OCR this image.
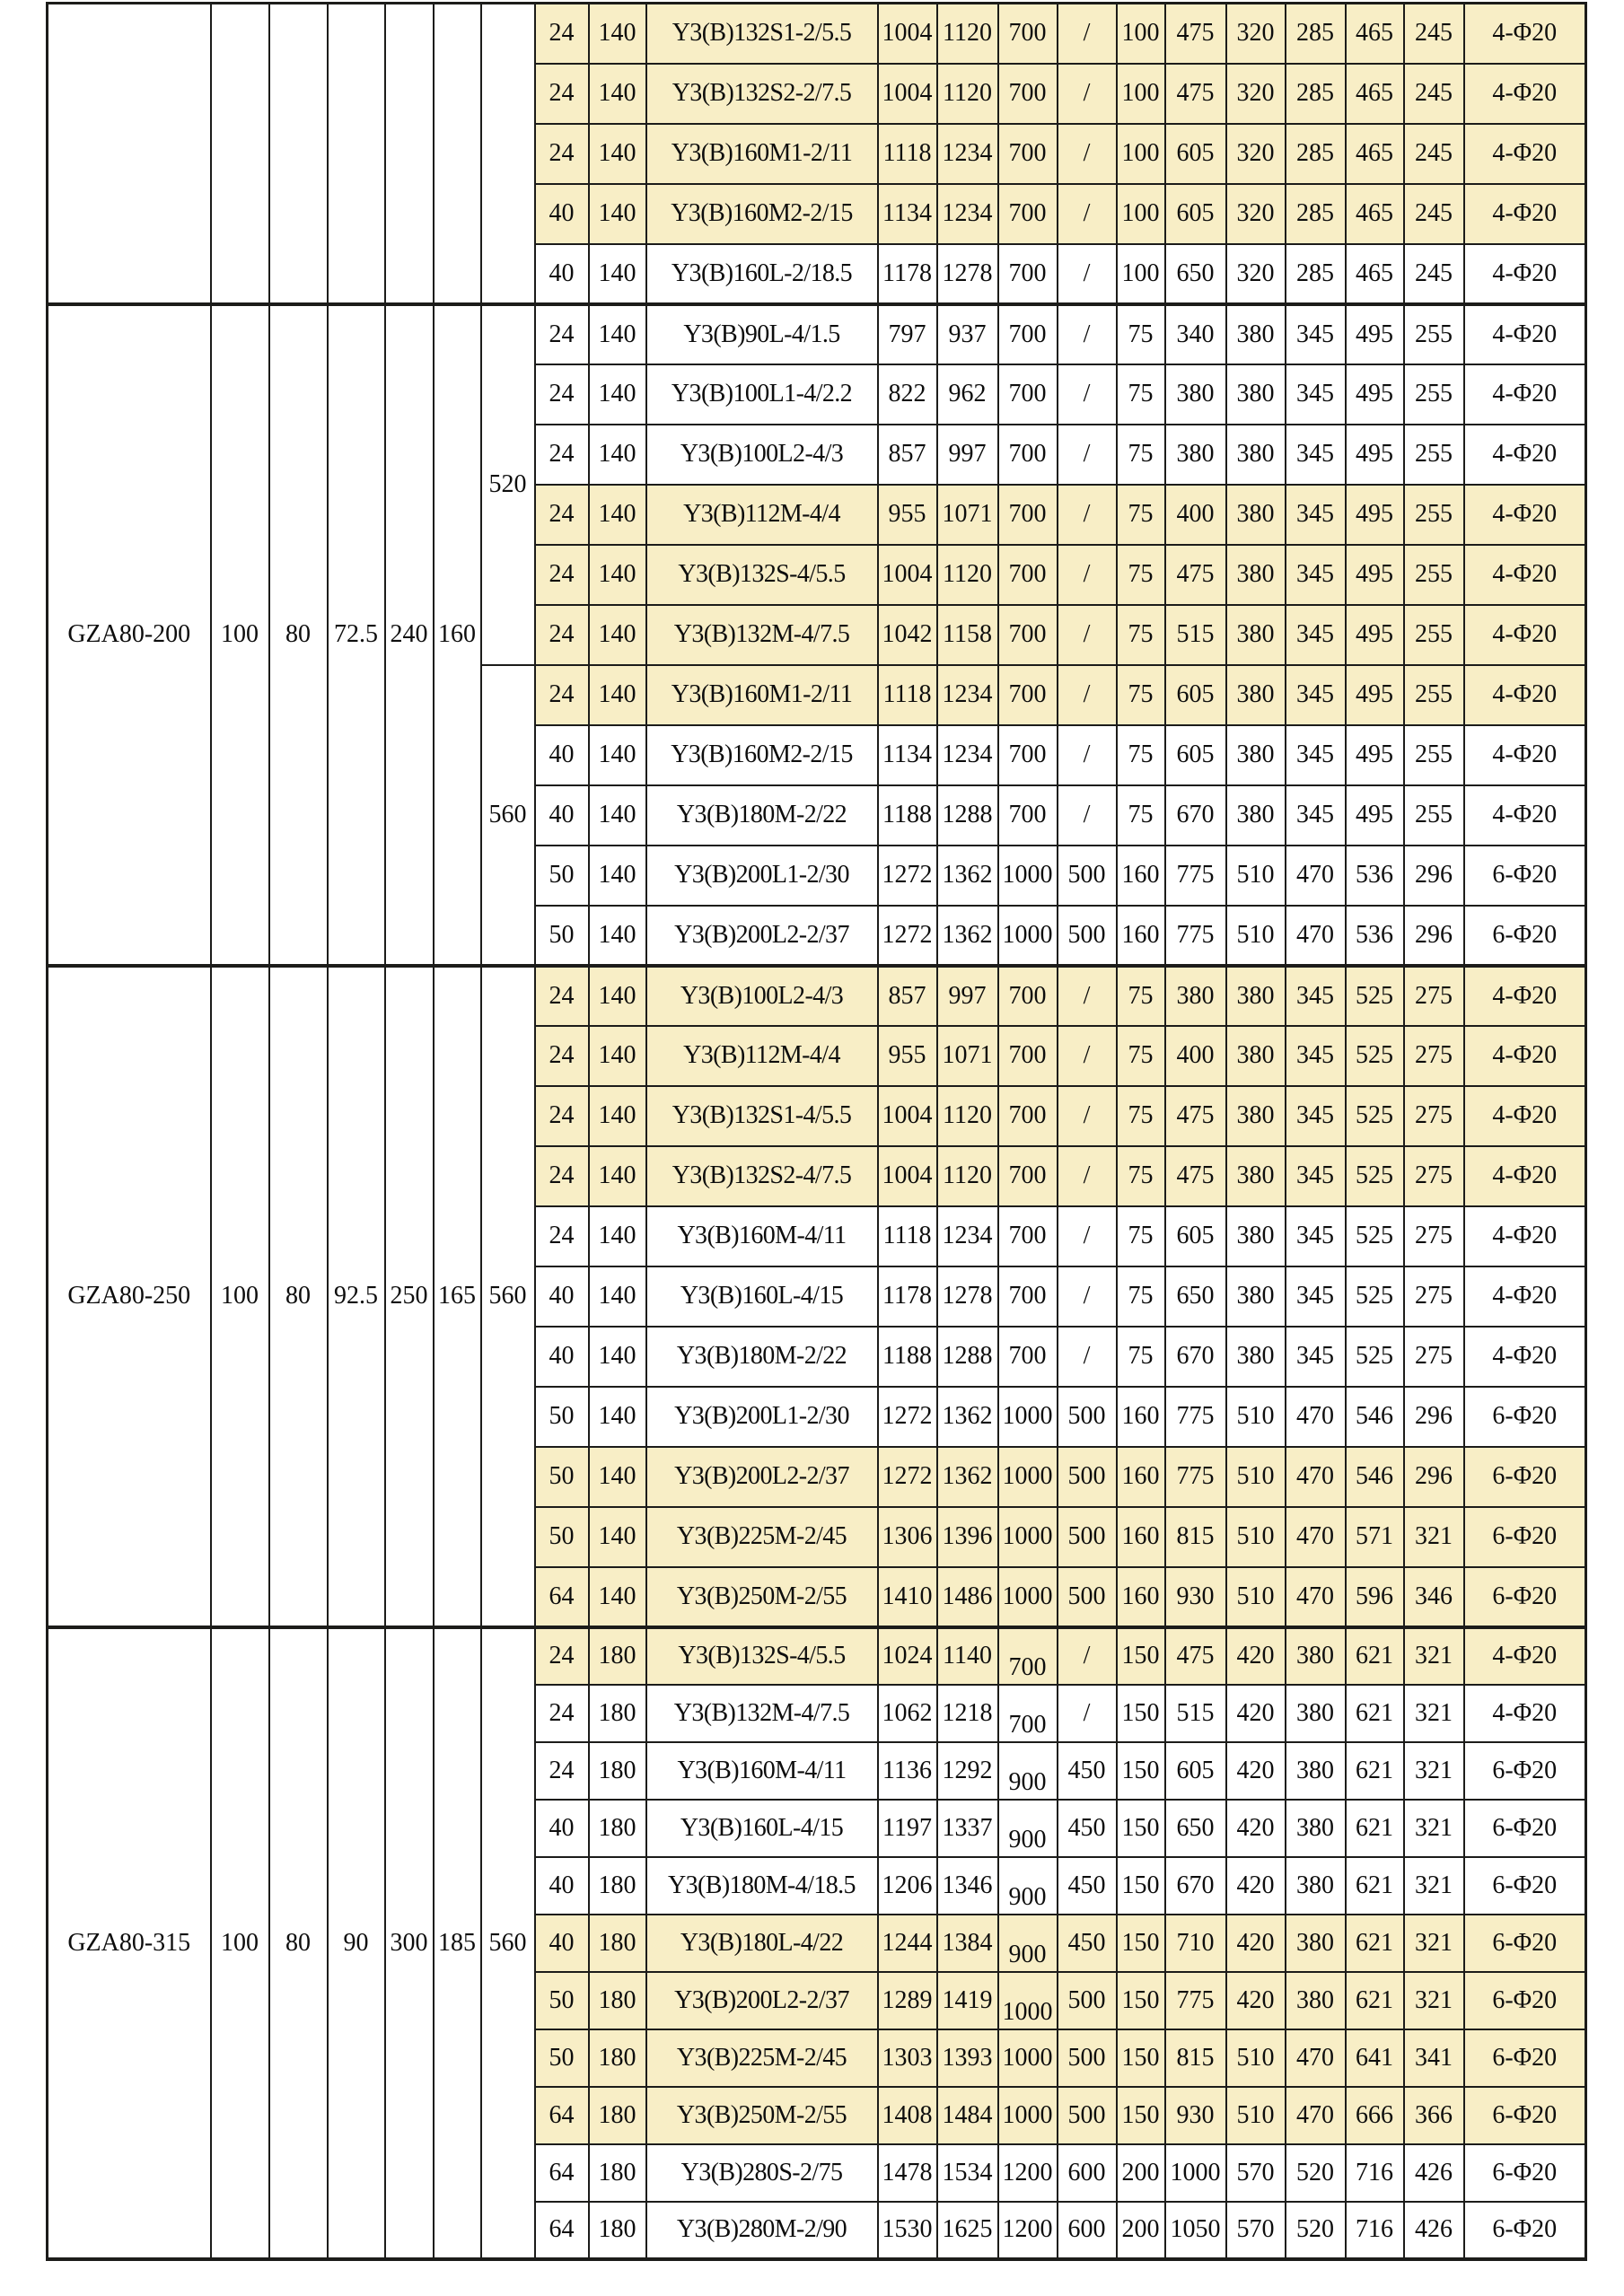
							24	140	Y3(B)132S1-2/5.5	1004	1120	700	/	100	475	320	285	465	245	4-Φ20
							24	140	Y3(B)132S2-2/7.5	1004	1120	700	/	100	475	320	285	465	245	4-Φ20
							24	140	Y3(B)160M1-2/11	1118	1234	700	/	100	605	320	285	465	245	4-Φ20
							40	140	Y3(B)160M2-2/15	1134	1234	700	/	100	605	320	285	465	245	4-Φ20
							40	140	Y3(B)160L-2/18.5	1178	1278	700	/	100	650	320	285	465	245	4-Φ20
GZA80-200	100	80	72.5	240	160	520	24	140	Y3(B)90L-4/1.5	797	937	700	/	75	340	380	345	495	255	4-Φ20
							24	140	Y3(B)100L1-4/2.2	822	962	700	/	75	380	380	345	495	255	4-Φ20
							24	140	Y3(B)100L2-4/3	857	997	700	/	75	380	380	345	495	255	4-Φ20
							24	140	Y3(B)112M-4/4	955	1071	700	/	75	400	380	345	495	255	4-Φ20
							24	140	Y3(B)132S-4/5.5	1004	1120	700	/	75	475	380	345	495	255	4-Φ20
							24	140	Y3(B)132M-4/7.5	1042	1158	700	/	75	515	380	345	495	255	4-Φ20
						560	24	140	Y3(B)160M1-2/11	1118	1234	700	/	75	605	380	345	495	255	4-Φ20
							40	140	Y3(B)160M2-2/15	1134	1234	700	/	75	605	380	345	495	255	4-Φ20
							40	140	Y3(B)180M-2/22	1188	1288	700	/	75	670	380	345	495	255	4-Φ20
							50	140	Y3(B)200L1-2/30	1272	1362	1000	500	160	775	510	470	536	296	6-Φ20
							50	140	Y3(B)200L2-2/37	1272	1362	1000	500	160	775	510	470	536	296	6-Φ20
GZA80-250	100	80	92.5	250	165	560	24	140	Y3(B)100L2-4/3	857	997	700	/	75	380	380	345	525	275	4-Φ20
							24	140	Y3(B)112M-4/4	955	1071	700	/	75	400	380	345	525	275	4-Φ20
							24	140	Y3(B)132S1-4/5.5	1004	1120	700	/	75	475	380	345	525	275	4-Φ20
							24	140	Y3(B)132S2-4/7.5	1004	1120	700	/	75	475	380	345	525	275	4-Φ20
							24	140	Y3(B)160M-4/11	1118	1234	700	/	75	605	380	345	525	275	4-Φ20
							40	140	Y3(B)160L-4/15	1178	1278	700	/	75	650	380	345	525	275	4-Φ20
							40	140	Y3(B)180M-2/22	1188	1288	700	/	75	670	380	345	525	275	4-Φ20
							50	140	Y3(B)200L1-2/30	1272	1362	1000	500	160	775	510	470	546	296	6-Φ20
							50	140	Y3(B)200L2-2/37	1272	1362	1000	500	160	775	510	470	546	296	6-Φ20
							50	140	Y3(B)225M-2/45	1306	1396	1000	500	160	815	510	470	571	321	6-Φ20
							64	140	Y3(B)250M-2/55	1410	1486	1000	500	160	930	510	470	596	346	6-Φ20
GZA80-315	100	80	90	300	185	560	24	180	Y3(B)132S-4/5.5	1024	1140	700	/	150	475	420	380	621	321	4-Φ20
							24	180	Y3(B)132M-4/7.5	1062	1218	700	/	150	515	420	380	621	321	4-Φ20
							24	180	Y3(B)160M-4/11	1136	1292	900	450	150	605	420	380	621	321	6-Φ20
							40	180	Y3(B)160L-4/15	1197	1337	900	450	150	650	420	380	621	321	6-Φ20
							40	180	Y3(B)180M-4/18.5	1206	1346	900	450	150	670	420	380	621	321	6-Φ20
							40	180	Y3(B)180L-4/22	1244	1384	900	450	150	710	420	380	621	321	6-Φ20
							50	180	Y3(B)200L2-2/37	1289	1419	1000	500	150	775	420	380	621	321	6-Φ20
							50	180	Y3(B)225M-2/45	1303	1393	1000	500	150	815	510	470	641	341	6-Φ20
							64	180	Y3(B)250M-2/55	1408	1484	1000	500	150	930	510	470	666	366	6-Φ20
							64	180	Y3(B)280S-2/75	1478	1534	1200	600	200	1000	570	520	716	426	6-Φ20
							64	180	Y3(B)280M-2/90	1530	1625	1200	600	200	1050	570	520	716	426	6-Φ20
